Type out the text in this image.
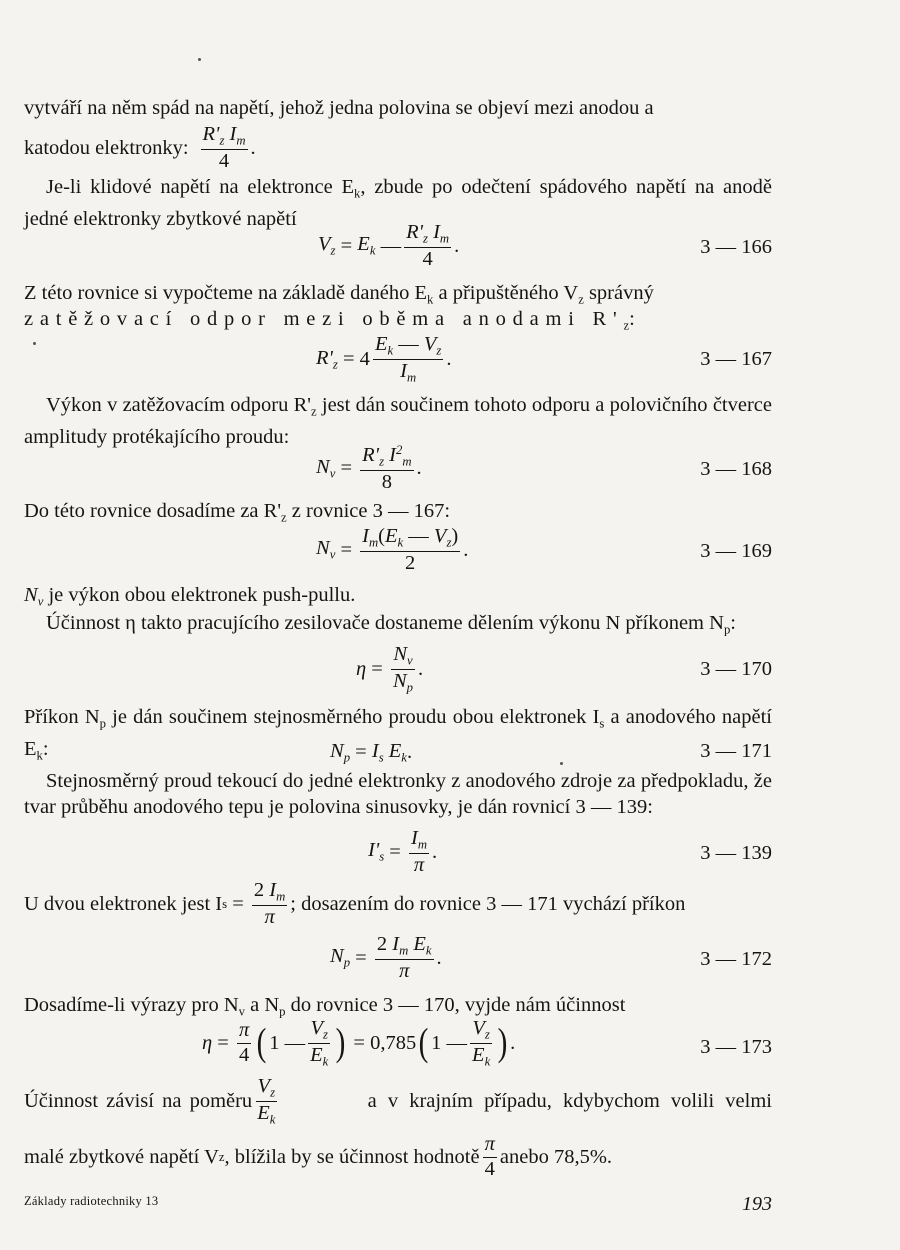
vytváří na něm spád na napětí, jehož jedna polovina se objeví mezi anodou a

katodou elektronky: $\frac{R'_z I_m}{4}$ .

Je-li klidové napětí na elektronce $E_k$, zbude po odečtení spádového napětí na anodě jedné elektronky zbytkové napětí

$V_z = E_k$ — $\frac{R'_z I_m}{4}$ .	3 — 166

Z této rovnice si vypočteme na základě daného $E_k$ a připuštěného $V_z$ správný

zatěžovací odpor mezi oběma anodami $R'_z$:

$R'_z = 4 \frac{E_k — V_z}{I_m}$ .	3 — 167

Výkon v zatěžovacím odporu $R'_z$ jest dán součinem tohoto odporu a polovičního čtverce amplitudy protékajícího proudu:

$N_v = \frac{R'_z I^2_m}{8}$ .	3 — 168

Do této rovnice dosadíme za $R'_z$ z rovnice 3 — 167:

$N_v = \frac{I_m(E_k — V_z)}{2}$ .	3 — 169

$N_v$ je výkon obou elektronek push-pullu.

Účinnost η takto pracujícího zesilovače dostaneme dělením výkonu N příkonem $N_p$:

$\eta = \frac{N_v}{N_p}$ .	3 — 170

Příkon $N_p$ je dán součinem stejnosměrného proudu obou elektronek $I_s$ a anodového napětí $E_k$:	$N_p = I_s$
$E_k$ .	3 — 171

Stejnosměrný proud tekoucí do jedné elektronky z anodového zdroje za předpokladu, že tvar průběhu anodového tepu je polovina sinusovky, je dán rovnicí 3 — 139:

$I'_s = \frac{I_m}{\pi}$ .	3 — 139
U dvou elektronek jest I $s = \frac{2 I_m}{\pi}$ ; dosazením do rovnice 3 — 171 vychází příkon
$N_p = \frac{2 I_m E_k}{\pi}$ .	3 — 172

Dosadíme-li výrazy pro $N_v$ a $N_p$ do rovnice 3 — 170, vyjde nám účinnost

$\eta = \frac{\pi}{4}$ ( 1 — $\frac{V_z}{E_k}$ ) = 0,785 ( 1 — $\frac{V_z}{E_k}$ ) .	3 — 173
Účinnost závisí na poměru $\frac{V_z}{E_k}$	a v krajním případu, kdybychom volili velmi
malé zbytkové napětí V z , blížila by se účinnost hodnotě $\frac{\pi}{4}$ anebo 78,5%.
Základy radiotechniky 13	193
